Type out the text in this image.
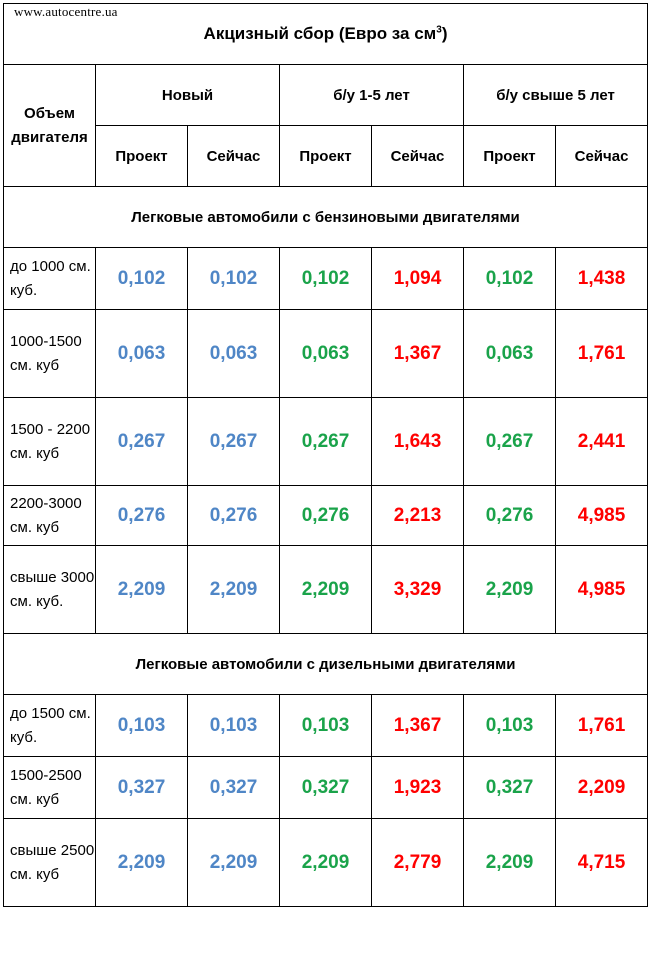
www.autocentre.ua
Акцизный сбор (Евро за $см^3$)						
Объем двигателя	Новый		б/у 1-5 лет		б/у свыше 5 лет	
	Проект	Сейчас	Проект	Сейчас	Проект	Сейчас
Легковые автомобили с бензиновыми двигателями						
до 1000 см. куб.	0,102	0,102	0,102	1,094	0,102	1,438
1000-1500 см. куб	0,063	0,063	0,063	1,367	0,063	1,761
1500 - 2200 см. куб	0,267	0,267	0,267	1,643	0,267	2,441
2200-3000 см. куб	0,276	0,276	0,276	2,213	0,276	4,985
свыше 3000 см. куб.	2,209	2,209	2,209	3,329	2,209	4,985
Легковые автомобили с дизельными двигателями						
до 1500 см. куб.	0,103	0,103	0,103	1,367	0,103	1,761
1500-2500 см. куб	0,327	0,327	0,327	1,923	0,327	2,209
свыше 2500 см. куб	2,209	2,209	2,209	2,779	2,209	4,715
